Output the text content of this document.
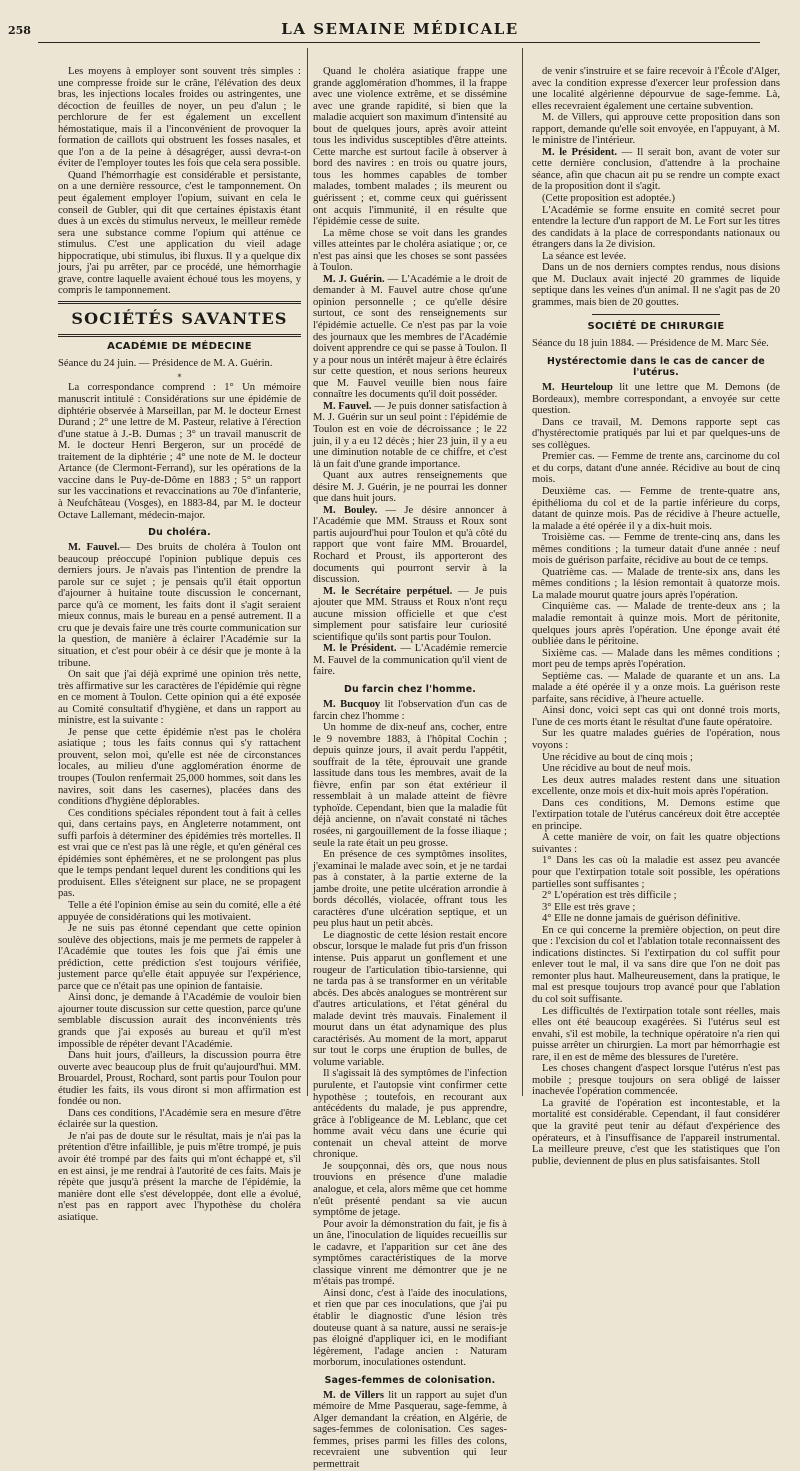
258	LA SEMAINE MÉDICALE

Les moyens à employer sont souvent très simples : une compresse froide sur le crâne, l'élévation des deux bras, les injections locales froides ou astringentes, une décoction de feuilles de noyer, un peu d'alun ; le perchlorure de fer est également un excellent hémostatique, mais il a l'inconvénient de provoquer la formation de caillots qui obstruent les fosses nasales, et que l'on a de la peine à désagréger, aussi devra-t-on éviter de l'employer toutes les fois que cela sera possible.

Quand l'hémorrhagie est considérable et persistante, on a une dernière ressource, c'est le tamponnement. On peut également employer l'opium, suivant en cela le conseil de Gubler, qui dit que certaines épistaxis étant dues à un excès du stimulus nerveux, le meilleur remède sera une substance comme l'opium qui atténue ce stimulus. C'est une application du vieil adage hippocratique, ubi stimulus, ibi fluxus. Il y a quelque dix jours, j'ai pu arrêter, par ce procédé, une hémorrhagie grave, contre laquelle avaient échoué tous les moyens, y compris le tamponnement.

SOCIÉTÉS SAVANTES
ACADÉMIE DE MÉDECINE

Séance du 24 juin. — Présidence de M. A. Guérin.

*

La correspondance comprend : 1° Un mémoire manuscrit intitulé : Considérations sur une épidémie de diphtérie observée à Marseillan, par M. le docteur Ernest Durand ; 2° une lettre de M. Pasteur, relative à l'érection d'une statue à J.-B. Dumas ; 3° un travail manuscrit de M. le docteur Henri Bergeron, sur un procédé de traitement de la diphtérie ; 4° une note de M. le docteur Artance (de Clermont-Ferrand), sur les opérations de la vaccine dans le Puy-de-Dôme en 1883 ; 5° un rapport sur les vaccinations et revaccinations au 70e d'infanterie, à Neufchâteau (Vosges), en 1883-84, par M. le docteur Octave Lallemant, médecin-major.

Du choléra.

M. Fauvel.— Des bruits de choléra à Toulon ont beaucoup préoccupé l'opinion publique depuis ces derniers jours. Je n'avais pas l'intention de prendre la parole sur ce sujet ; je pensais qu'il était opportun d'ajourner à huitaine toute discussion le concernant, parce qu'à ce moment, les faits dont il s'agit seraient mieux connus, mais le bureau en a pensé autrement. Il a cru que je devais faire une très courte communication sur la question, de manière à éclairer l'Académie sur la situation, et c'est pour obéir à ce désir que je monte à la tribune.

On sait que j'ai déjà exprimé une opinion très nette, très affirmative sur les caractères de l'épidémie qui règne en ce moment à Toulon. Cette opinion qui a été exposée au Comité consultatif d'hygiène, et dans un rapport au ministre, est la suivante :

Je pense que cette épidémie n'est pas le choléra asiatique ; tous les faits connus qui s'y rattachent prouvent, selon moi, qu'elle est née de circonstances locales, au milieu d'une agglomération énorme de troupes (Toulon renfermait 25,000 hommes, soit dans les navires, soit dans les casernes), placées dans des conditions d'hygiène déplorables.

Ces conditions spéciales répondent tout à fait à celles qui, dans certains pays, en Angleterre notamment, ont suffi parfois à déterminer des épidémies très mortelles. Il est vrai que ce n'est pas là une règle, et qu'en général ces épidémies sont éphémères, et ne se prolongent pas plus que le temps pendant lequel durent les conditions qui les produisent. Elles s'éteignent sur place, ne se propagent pas.

Telle a été l'opinion émise au sein du comité, elle a été appuyée de considérations qui les motivaient.

Je ne suis pas étonné cependant que cette opinion soulève des objections, mais je me permets de rappeler à l'Académie que toutes les fois que j'ai émis une prédiction, cette prédiction s'est toujours vérifiée, justement parce qu'elle était appuyée sur l'expérience, parce que ce n'était pas une opinion de fantaisie.

Ainsi donc, je demande à l'Académie de vouloir bien ajourner toute discussion sur cette question, parce qu'une semblable discussion aurait des inconvénients très grands que j'ai exposés au bureau et qu'il m'est impossible de répéter devant l'Académie.

Dans huit jours, d'ailleurs, la discussion pourra être ouverte avec beaucoup plus de fruit qu'aujourd'hui. MM. Brouardel, Proust, Rochard, sont partis pour Toulon pour étudier les faits, ils vous diront si mon affirmation est fondée ou non.

Dans ces conditions, l'Académie sera en mesure d'être éclairée sur la question.

Je n'ai pas de doute sur le résultat, mais je n'ai pas la prétention d'être infaillible, je puis m'être trompé, je puis avoir été trompé par des faits qui m'ont échappé et, s'il en est ainsi, je me rendrai à l'autorité de ces faits. Mais je répète que jusqu'à présent la marche de l'épidémie, la manière dont elle s'est développée, dont elle a évolué, n'est pas en rapport avec l'hypothèse du choléra asiatique.

Quand le choléra asiatique frappe une grande agglomération d'hommes, il la frappe avec une violence extrême, et se dissémine avec une grande rapidité, si bien que la maladie acquiert son maximum d'intensité au bout de quelques jours, après avoir atteint tous les individus susceptibles d'être atteints. Cette marche est surtout facile à observer à bord des navires : en trois ou quatre jours, tous les hommes capables de tomber malades, tombent malades ; ils meurent ou guérissent ; et, comme ceux qui guérissent ont acquis l'immunité, il en résulte que l'épidémie cesse de suite.

La même chose se voit dans les grandes villes atteintes par le choléra asiatique ; or, ce n'est pas ainsi que les choses se sont passées à Toulon.

M. J. Guérin. — L'Académie a le droit de demander à M. Fauvel autre chose qu'une opinion personnelle ; ce qu'elle désire surtout, ce sont des renseignements sur l'épidémie actuelle. Ce n'est pas par la voie des journaux que les membres de l'Académie doivent apprendre ce qui se passe à Toulon. Il y a pour nous un intérêt majeur à être éclairés sur cette question, et nous serions heureux que M. Fauvel veuille bien nous faire connaître les documents qu'il doit posséder.

M. Fauvel. — Je puis donner satisfaction à M. J. Guérin sur un seul point : l'épidémie de Toulon est en voie de décroissance ; le 22 juin, il y a eu 12 décès ; hier 23 juin, il y a eu une diminution notable de ce chiffre, et c'est là un fait d'une grande importance.

Quant aux autres renseignements que désire M. J. Guérin, je ne pourrai les donner que dans huit jours.

M. Bouley. — Je désire annoncer à l'Académie que MM. Strauss et Roux sont partis aujourd'hui pour Toulon et qu'à côté du rapport que vont faire MM. Brouardel, Rochard et Proust, ils apporteront des documents qui pourront servir à la discussion.

M. le Secrétaire perpétuel. — Je puis ajouter que MM. Strauss et Roux n'ont reçu aucune mission officielle et que c'est simplement pour satisfaire leur curiosité scientifique qu'ils sont partis pour Toulon.

M. le Président. — L'Académie remercie M. Fauvel de la communication qu'il vient de faire.

Du farcin chez l'homme.

M. Bucquoy lit l'observation d'un cas de farcin chez l'homme :

Un homme de dix-neuf ans, cocher, entre le 9 novembre 1883, à l'hôpital Cochin ; depuis quinze jours, il avait perdu l'appétit, souffrait de la tête, éprouvait une grande lassitude dans tous les membres, avait de la fièvre, enfin par son état extérieur il ressemblait à un malade atteint de fièvre typhoïde. Cependant, bien que la maladie fût déjà ancienne, on n'avait constaté ni tâches rosées, ni gargouillement de la fosse iliaque ; seule la rate était un peu grosse.

En présence de ces symptômes insolites, j'examinai le malade avec soin, et je ne tardai pas à constater, à la partie externe de la jambe droite, une petite ulcération arrondie à bords décollés, violacée, offrant tous les caractères d'une ulcération septique, et un peu plus haut un petit abcès.

Le diagnostic de cette lésion restait encore obscur, lorsque le malade fut pris d'un frisson intense. Puis apparut un gonflement et une rougeur de l'articulation tibio-tarsienne, qui ne tarda pas à se transformer en un véritable abcès. Des abcès analogues se montrèrent sur d'autres articulations, et l'état général du malade devint très mauvais. Finalement il mourut dans un état adynamique des plus caractérisés. Au moment de la mort, apparut sur tout le corps une éruption de bulles, de volume variable.

Il s'agissait là des symptômes de l'infection purulente, et l'autopsie vint confirmer cette hypothèse ; toutefois, en recourant aux antécédents du malade, je pus apprendre, grâce à l'obligeance de M. Leblanc, que cet homme avait vécu dans une écurie qui contenait un cheval atteint de morve chronique.

Je soupçonnai, dès ors, que nous nous trouvions en présence d'une maladie analogue, et cela, alors même que cet homme n'eût présenté pendant sa vie aucun symptôme de jetage.

Pour avoir la démonstration du fait, je fis à un âne, l'inoculation de liquides recueillis sur le cadavre, et l'apparition sur cet âne des symptômes caractéristiques de la morve classique vinrent me démontrer que je ne m'étais pas trompé.

Ainsi donc, c'est à l'aide des inoculations, et rien que par ces inoculations, que j'ai pu établir le diagnostic d'une lésion très douteuse quant à sa nature, aussi ne serais-je pas éloigné d'appliquer ici, en le modifiant légèrement, l'adage ancien : Naturam morborum, inoculationes ostendunt.

Sages-femmes de colonisation.

M. de Villers lit un rapport au sujet d'un mémoire de Mme Pasquerau, sage-femme, à Alger demandant la création, en Algérie, de sages-femmes de colonisation. Ces sages-femmes, prises parmi les filles des colons, recevraient une subvention qui leur permettrait

de venir s'instruire et se faire recevoir à l'École d'Alger, avec la condition expresse d'exercer leur profession dans une localité algérienne dépourvue de sage-femme. Là, elles recevraient également une certaine subvention.

M. de Villers, qui approuve cette proposition dans son rapport, demande qu'elle soit envoyée, en l'appuyant, à M. le ministre de l'intérieur.

M. le Président. — Il serait bon, avant de voter sur cette dernière conclusion, d'attendre à la prochaine séance, afin que chacun ait pu se rendre un compte exact de la proposition dont il s'agit.

(Cette proposition est adoptée.)

L'Académie se forme ensuite en comité secret pour entendre la lecture d'un rapport de M. Le Fort sur les titres des candidats à la place de correspondants nationaux ou étrangers dans la 2e division.

La séance est levée.

Dans un de nos derniers comptes rendus, nous disions que M. Duclaux avait injecté 20 grammes de liquide septique dans les veines d'un animal. Il ne s'agit pas de 20 grammes, mais bien de 20 gouttes.

SOCIÉTÉ DE CHIRURGIE

Séance du 18 juin 1884. — Présidence de M. Marc Sée.

Hystérectomie dans le cas de cancer de l'utérus.

M. Heurteloup lit une lettre que M. Demons (de Bordeaux), membre correspondant, a envoyée sur cette question.

Dans ce travail, M. Demons rapporte sept cas d'hystérectomie pratiqués par lui et par quelques-uns de ses collègues.

Premier cas. — Femme de trente ans, carcinome du col et du corps, datant d'une année. Récidive au bout de cinq mois.

Deuxième cas. — Femme de trente-quatre ans, épithélioma du col et de la partie inférieure du corps, datant de quinze mois. Pas de récidive à l'heure actuelle, la malade a été opérée il y a dix-huit mois.

Troisième cas. — Femme de trente-cinq ans, dans les mêmes conditions ; la tumeur datait d'une année : neuf mois de guérison parfaite, récidive au bout de ce temps.

Quatrième cas. — Malade de trente-six ans, dans les mêmes conditions ; la lésion remontait à quatorze mois. La malade mourut quatre jours après l'opération.

Cinquième cas. — Malade de trente-deux ans ; la maladie remontait à quinze mois. Mort de péritonite, quelques jours après l'opération. Une éponge avait été oubliée dans le péritoine.

Sixième cas. — Malade dans les mêmes conditions ; mort peu de temps après l'opération.

Septième cas. — Malade de quarante et un ans. La malade a été opérée il y a onze mois. La guérison reste parfaite, sans récidive, à l'heure actuelle.

Ainsi donc, voici sept cas qui ont donné trois morts, l'une de ces morts étant le résultat d'une faute opératoire.

Sur les quatre malades guéries de l'opération, nous voyons :

Une récidive au bout de cinq mois ;

Une récidive au bout de neuf mois.

Les deux autres malades restent dans une situation excellente, onze mois et dix-huit mois après l'opération.

Dans ces conditions, M. Demons estime que l'extirpation totale de l'utérus cancéreux doit être acceptée en principe.

A cette manière de voir, on fait les quatre objections suivantes :

1° Dans les cas où la maladie est assez peu avancée pour que l'extirpation totale soit possible, les opérations partielles sont suffisantes ;

2° L'opération est très difficile ;

3° Elle est très grave ;

4° Elle ne donne jamais de guérison définitive.

En ce qui concerne la première objection, on peut dire que : l'excision du col et l'ablation totale reconnaissent des indications distinctes. Si l'extirpation du col suffit pour enlever tout le mal, il va sans dire que l'on ne doit pas remonter plus haut. Malheureusement, dans la pratique, le mal est presque toujours trop avancé pour que l'ablation du col soit suffisante.

Les difficultés de l'extirpation totale sont réelles, mais elles ont été beaucoup exagérées. Si l'utérus seul est envahi, s'il est mobile, la technique opératoire n'a rien qui puisse arrêter un chirurgien. La mort par hémorrhagie est rare, il en est de même des blessures de l'uretère.

Les choses changent d'aspect lorsque l'utérus n'est pas mobile ; presque toujours on sera obligé de laisser inachevée l'opération commencée.

La gravité de l'opération est incontestable, et la mortalité est considérable. Cependant, il faut considérer que la gravité peut tenir au défaut d'expérience des opérateurs, et à l'insuffisance de l'appareil instrumental. La meilleure preuve, c'est que les statistiques que l'on publie, deviennent de plus en plus satisfaisantes. Stoll
